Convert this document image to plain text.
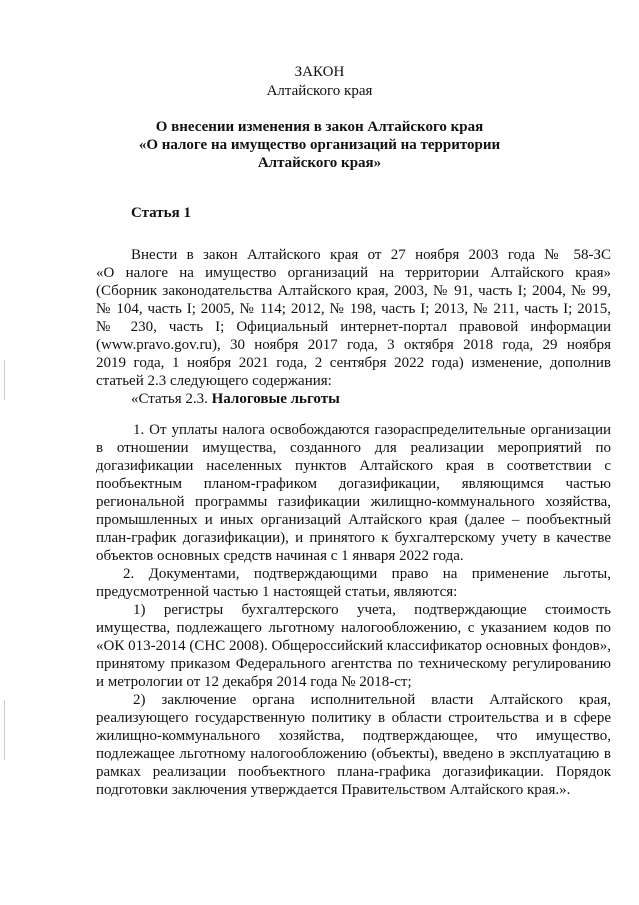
ЗАКОН
Алтайского края
О внесении изменения в закон Алтайского края
«О налоге на имущество организаций на территории
Алтайского края»
Статья 1
Внести в закон Алтайского края от 27 ноября 2003 года № 58-ЗС
«О налоге на имущество организаций на территории Алтайского края»
(Сборник законодательства Алтайского края, 2003, № 91, часть I; 2004, № 99,
№ 104, часть I; 2005, № 114; 2012, № 198, часть I; 2013, № 211, часть I; 2015,
№ 230, часть I; Официальный интернет-портал правовой информации
(www.pravo.gov.ru), 30 ноября 2017 года, 3 октября 2018 года, 29 ноября
2019 года, 1 ноября 2021 года, 2 сентября 2022 года) изменение, дополнив
статьей 2.3 следующего содержания:
«Статья 2.3. Налоговые льготы
1. От уплаты налога освобождаются газораспределительные организации
в отношении имущества, созданного для реализации мероприятий по
догазификации населенных пунктов Алтайского края в соответствии с
пообъектным планом-графиком догазификации, являющимся частью
региональной программы газификации жилищно-коммунального хозяйства,
промышленных и иных организаций Алтайского края (далее – пообъектный
план-график догазификации), и принятого к бухгалтерскому учету в качестве
объектов основных средств начиная с 1 января 2022 года.
2. Документами, подтверждающими право на применение льготы,
предусмотренной частью 1 настоящей статьи, являются:
1) регистры бухгалтерского учета, подтверждающие стоимость
имущества, подлежащего льготному налогообложению, с указанием кодов по
«ОК 013-2014 (СНС 2008). Общероссийский классификатор основных фондов»,
принятому приказом Федерального агентства по техническому регулированию
и метрологии от 12 декабря 2014 года № 2018-ст;
2) заключение органа исполнительной власти Алтайского края,
реализующего государственную политику в области строительства и в сфере
жилищно-коммунального хозяйства, подтверждающее, что имущество,
подлежащее льготному налогообложению (объекты), введено в эксплуатацию в
рамках реализации пообъектного плана-графика догазификации. Порядок
подготовки заключения утверждается Правительством Алтайского края.».
